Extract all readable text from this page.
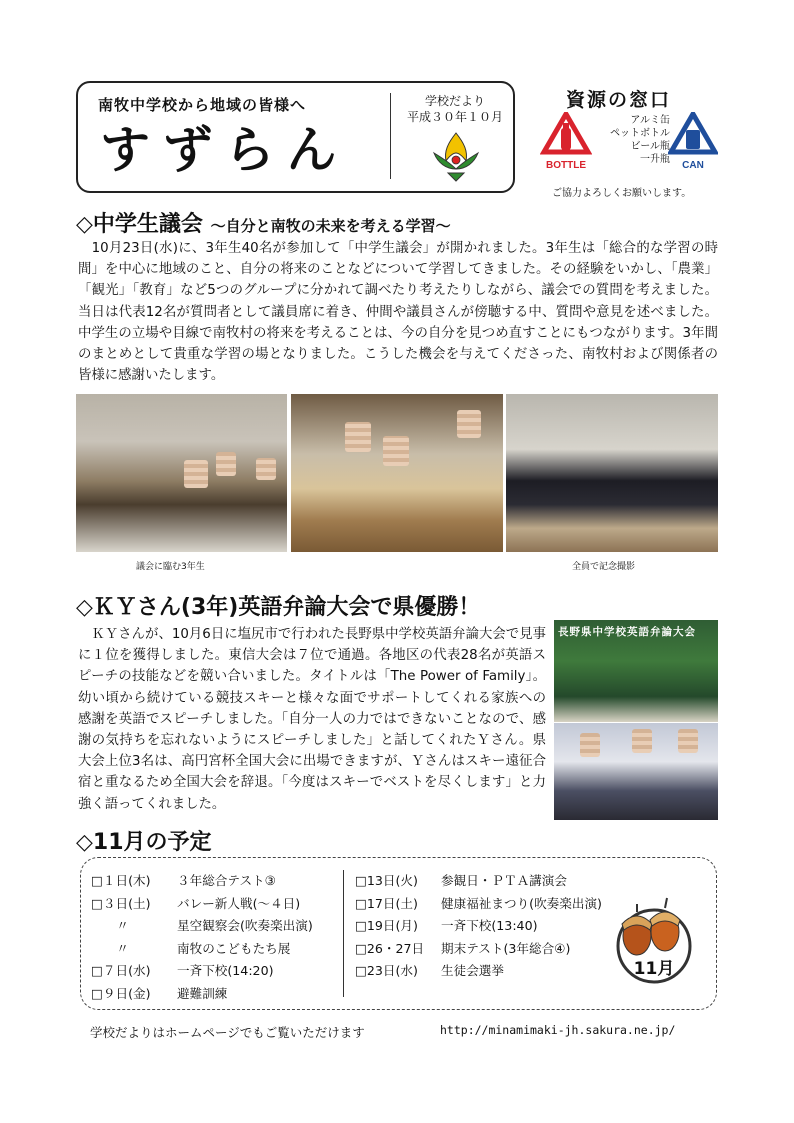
南牧中学校から地域の皆様へ
すずらん
学校だより
平成３０年１０月
資源の窓口
BOTTLE
アルミ缶
ペットボトル
ビール瓶
一升瓶
CAN
ご協力よろしくお願いします。
◇中学生議会 ～自分と南牧の未来を考える学習～
　10月23日(水)に、3年生40名が参加して「中学生議会」が開かれました。3年生は「総合的な学習の時間」を中心に地域のこと、自分の将来のことなどについて学習してきました。その経験をいかし、「農業」「観光」「教育」など5つのグループに分かれて調べたり考えたりしながら、議会での質問を考えました。当日は代表12名が質問者として議員席に着き、仲間や議員さんが傍聴する中、質問や意見を述べました。中学生の立場や目線で南牧村の将来を考えることは、今の自分を見つめ直すことにもつながります。3年間のまとめとして貴重な学習の場となりました。こうした機会を与えてくださった、南牧村および関係者の皆様に感謝いたします。
議会に臨む3年生	全員で記念撮影
◇ＫＹさん(3年)英語弁論大会で県優勝！
　ＫＹさんが、10月6日に塩尻市で行われた長野県中学校英語弁論大会で見事に１位を獲得しました。東信大会は７位で通過。各地区の代表28名が英語スピーチの技能などを競い合いました。タイトルは「The Power of Family」。幼い頃から続けている競技スキーと様々な面でサポートしてくれる家族への感謝を英語でスピーチしました。「自分一人の力ではできないことなので、感謝の気持ちを忘れないようにスピーチしました」と話してくれたＹさん。県大会上位3名は、高円宮杯全国大会に出場できますが、Ｙさんはスキー遠征合宿と重なるため全国大会を辞退。「今度はスキーでベストを尽くします」と力強く語ってくれました。
長野県中学校英語弁論大会
◇11月の予定
□１日(木) ３年総合テスト③
□３日(土) バレー新人戦(～４日)
　　〃	星空観察会(吹奏楽出演)
　　〃	南牧のこどもたち展
□７日(水) 一斉下校(14:20)
□９日(金) 避難訓練
□13日(火) 参観日・ＰＴＡ講演会
□17日(土) 健康福祉まつり(吹奏楽出演)
□19日(月) 一斉下校(13:40)
□26・27日 期末テスト(3年総合④)
□23日(水) 生徒会選挙	11月
学校だよりはホームページでもご覧いただけます	http://minamimaki-jh.sakura.ne.jp/
